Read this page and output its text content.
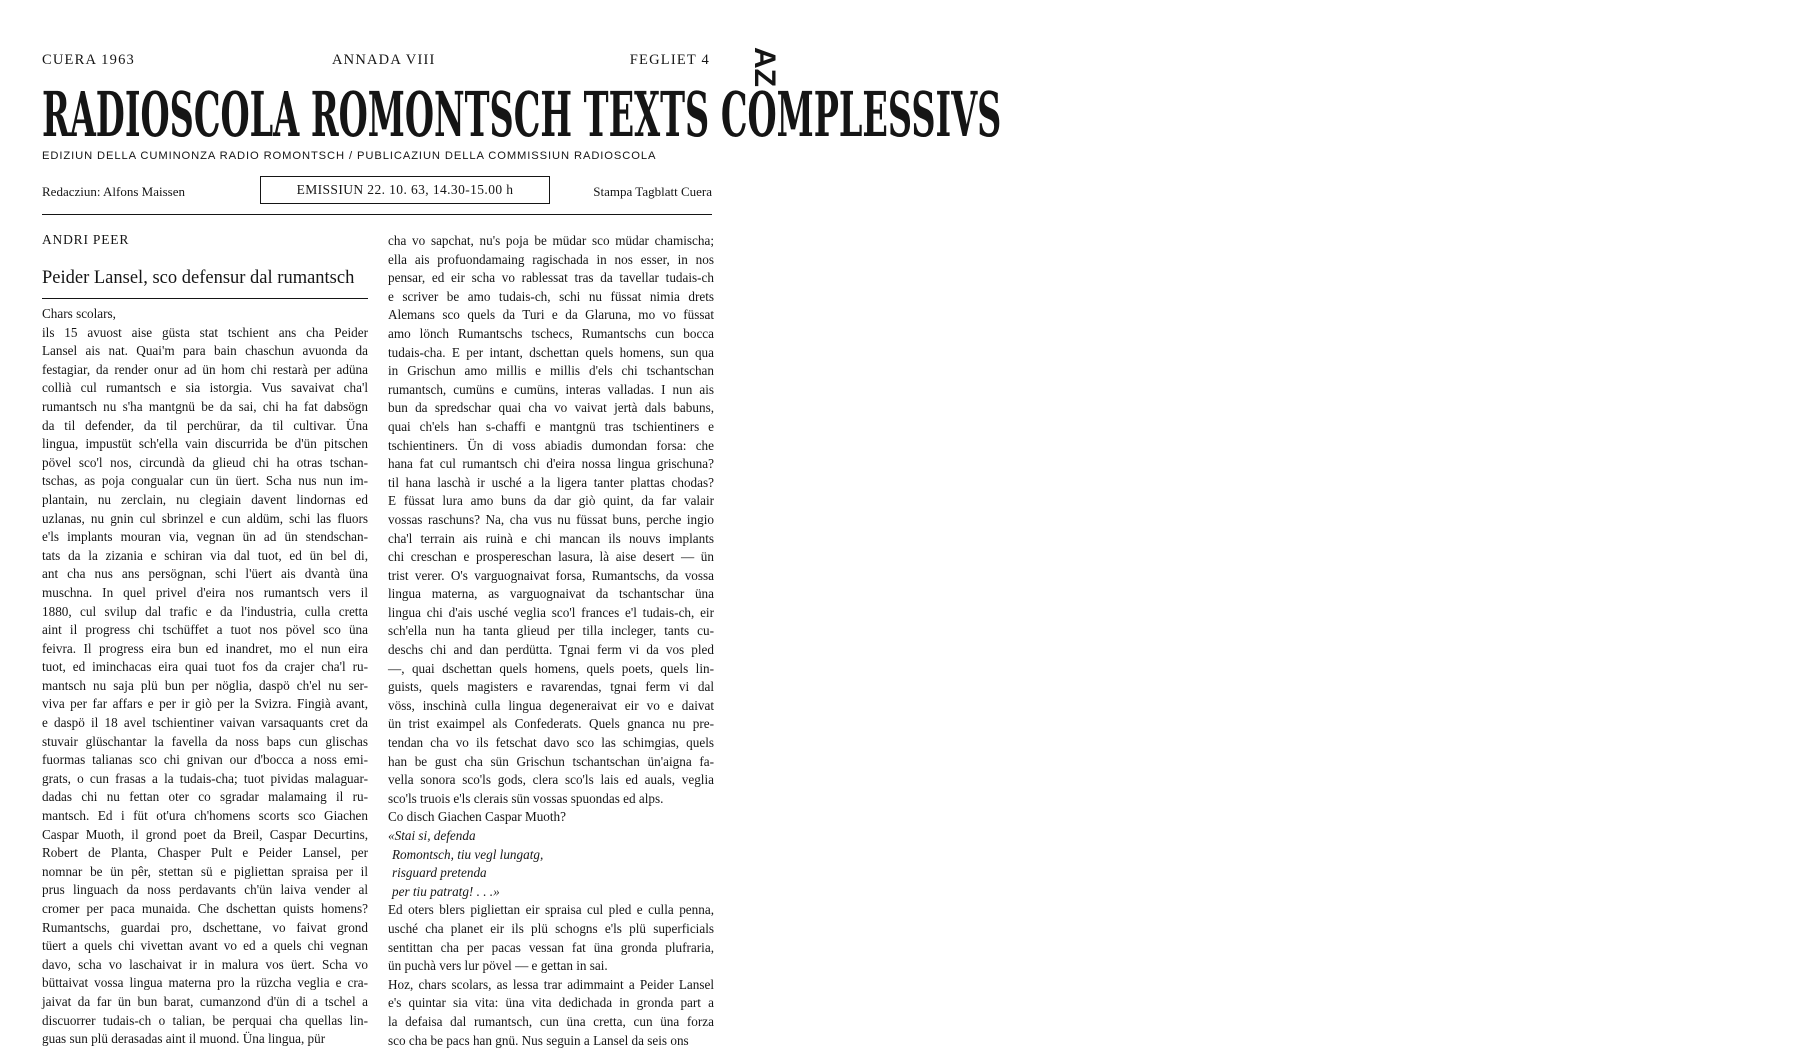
CUERA 1963	ANNADA VIII	FEGLIET 4	AZ
RADIOSCOLA ROMONTSCH TEXTS COMPLESSIVS
EDIZIUN DELLA CUMINONZA RADIO ROMONTSCH / PUBLICAZIUN DELLA COMMISSIUN RADIOSCOLA
Redacziun: Alfons Maissen	EMISSIUN 22. 10. 63, 14.30-15.00 h	Stampa Tagblatt Cuera
ANDRI PEER
Peider Lansel, sco defensur dal rumantsch
Chars scolars,
ils 15 avuost aise güsta stat tschient ans cha Peider
Lansel ais nat. Quai'm para bain chaschun avuonda da
festagiar, da render onur ad ün hom chi restarà per adüna
collià cul rumantsch e sia istorgia. Vus savaivat cha'l
rumantsch nu s'ha mantgnü be da sai, chi ha fat dabsögn
da til defender, da til perchürar, da til cultivar. Üna
lingua, impustüt sch'ella vain discurrida be d'ün pitschen
pövel sco'l nos, circundà da glieud chi ha otras tschan-
tschas, as poja congualar cun ün üert. Scha nus nun im-
plantain, nu zerclain, nu clegiain davent lindornas ed
uzlanas, nu gnin cul sbrinzel e cun aldüm, schi las fluors
e'ls implants mouran via, vegnan ün ad ün stendschan-
tats da la zizania e schiran via dal tuot, ed ün bel di,
ant cha nus ans persögnan, schi l'üert ais dvantà üna
muschna. In quel privel d'eira nos rumantsch vers il
1880, cul svilup dal trafic e da l'industria, culla cretta
aint il progress chi tschüffet a tuot nos pövel sco üna
feivra. Il progress eira bun ed inandret, mo el nun eira
tuot, ed iminchacas eira quai tuot fos da crajer cha'l ru-
mantsch nu saja plü bun per nöglia, daspö ch'el nu ser-
viva per far affars e per ir giò per la Svizra. Fingià avant,
e daspö il 18 avel tschientiner vaivan varsaquants cret da
stuvair glüschantar la favella da noss baps cun glischas
fuormas talianas sco chi gnivan our d'bocca a noss emi-
grats, o cun frasas a la tudais-cha; tuot pividas malaguar-
dadas chi nu fettan oter co sgradar malamaing il ru-
mantsch. Ed i füt ot'ura ch'homens scorts sco Giachen
Caspar Muoth, il grond poet da Breil, Caspar Decurtins,
Robert de Planta, Chasper Pult e Peider Lansel, per
nomnar be ün pêr, stettan sü e pigliettan spraisa per il
prus linguach da noss perdavants ch'ün laiva vender al
cromer per paca munaida. Che dschettan quists homens?
Rumantschs, guardai pro, dschettane, vo faivat grond
tüert a quels chi vivettan avant vo ed a quels chi vegnan
davo, scha vo laschaivat ir in malura vos üert. Scha vo
büttaivat vossa lingua materna pro la rüzcha veglia e cra-
jaivat da far ün bun barat, cumanzond d'ün di a tschel a
discuorrer tudais-ch o talian, be perquai cha quellas lin-
guas sun plü derasadas aint il muond. Üna lingua, pür
cha vo sapchat, nu's poja be müdar sco müdar chamischa;
ella ais profuondamaing ragischada in nos esser, in nos
pensar, ed eir scha vo rablessat tras da tavellar tudais-ch
e scriver be amo tudais-ch, schi nu füssat nimia drets
Alemans sco quels da Turi e da Glaruna, mo vo füssat
amo lönch Rumantschs tschecs, Rumantschs cun bocca
tudais-cha. E per intant, dschettan quels homens, sun qua
in Grischun amo millis e millis d'els chi tschantschan
rumantsch, cumüns e cumüns, interas valladas. I nun ais
bun da spredschar quai cha vo vaivat jertà dals babuns,
quai ch'els han s-chaffi e mantgnü tras tschientiners e
tschientiners. Ün di voss abiadis dumondan forsa: che
hana fat cul rumantsch chi d'eira nossa lingua grischuna?
til hana laschà ir usché a la ligera tanter plattas chodas?
E füssat lura amo buns da dar giò quint, da far valair
vossas raschuns? Na, cha vus nu füssat buns, perche ingio
cha'l terrain ais ruinà e chi mancan ils nouvs implants
chi creschan e prospereschan lasura, là aise desert — ün
trist verer. O's varguognaivat forsa, Rumantschs, da vossa
lingua materna, as varguognaivat da tschantschar üna
lingua chi d'ais usché veglia sco'l frances e'l tudais-ch, eir
sch'ella nun ha tanta glieud per tilla incleger, tants cu-
deschs chi and dan perdütta. Tgnai ferm vi da vos pled
—, quai dschettan quels homens, quels poets, quels lin-
guists, quels magisters e ravarendas, tgnai ferm vi dal
vöss, inschinà culla lingua degeneraivat eir vo e daivat
ün trist exaimpel als Confederats. Quels gnanca nu pre-
tendan cha vo ils fetschat davo sco las schimgias, quels
han be gust cha sün Grischun tschantschan ün'aigna fa-
vella sonora sco'ls gods, clera sco'ls lais ed auals, veglia
sco'ls truois e'ls clerais sün vossas spuondas ed alps.
Co disch Giachen Caspar Muoth?
«Stai si, defenda
Romontsch, tiu vegl lungatg,
risguard pretenda
per tiu patratg! . . .»
Ed oters blers pigliettan eir spraisa cul pled e culla penna,
usché cha planet eir ils plü schogns e'ls plü superficials
sentittan cha per pacas vessan fat üna gronda plufraria,
ün puchà vers lur pövel — e gettan in sai.
Hoz, chars scolars, as lessa trar adimmaint a Peider Lansel
e's quintar sia vita: üna vita dedichada in gronda part a
la defaisa dal rumantsch, cun üna cretta, cun üna forza
sco cha be pacs han gnü. Nus seguin a Lansel da seis ons
